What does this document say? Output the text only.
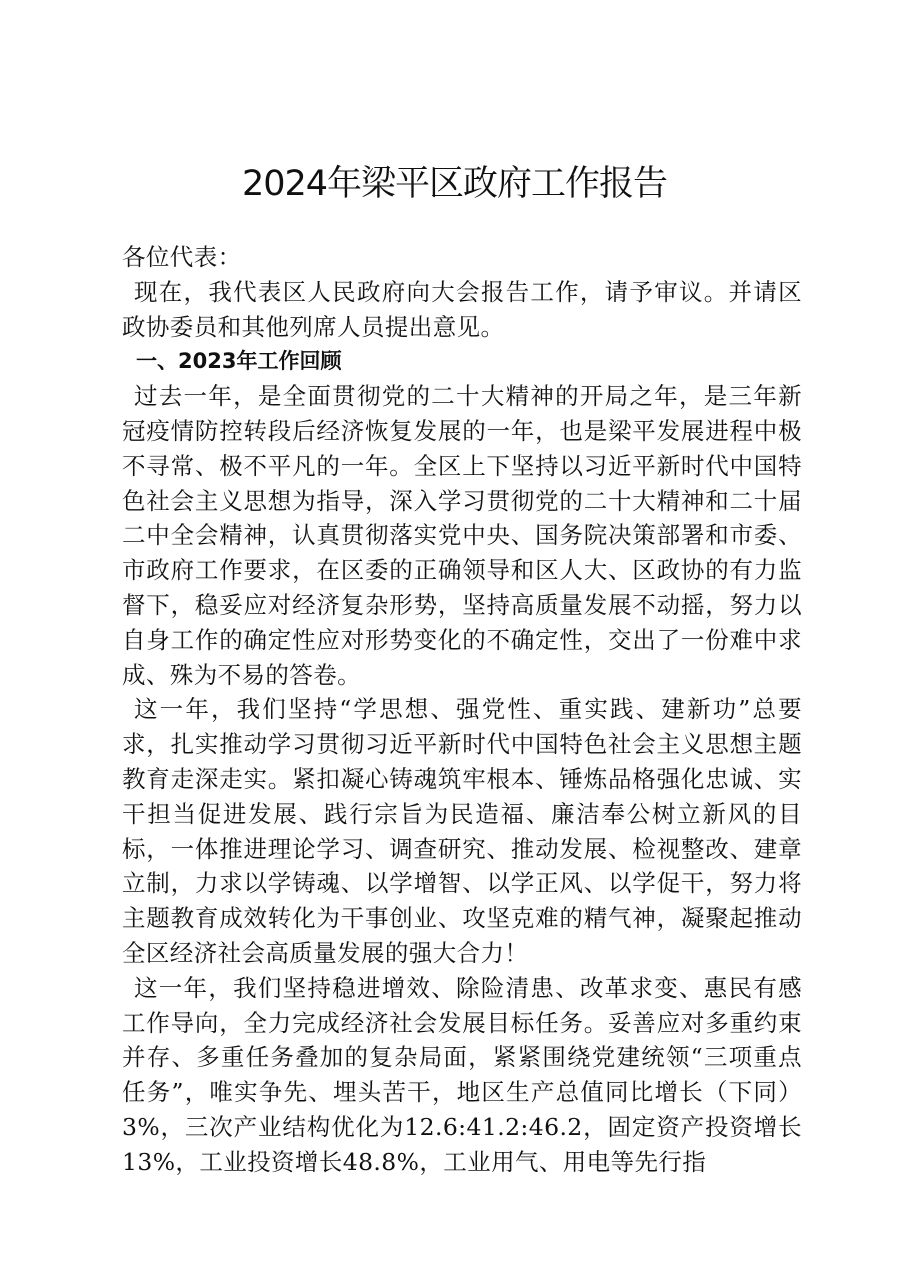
2024年梁平区政府工作报告

各位代表：

现在，我代表区人民政府向大会报告工作，请予审议。并请区政协委员和其他列席人员提出意见。

一、2023年工作回顾

过去一年，是全面贯彻党的二十大精神的开局之年，是三年新冠疫情防控转段后经济恢复发展的一年，也是梁平发展进程中极不寻常、极不平凡的一年。全区上下坚持以习近平新时代中国特色社会主义思想为指导，深入学习贯彻党的二十大精神和二十届二中全会精神，认真贯彻落实党中央、国务院决策部署和市委、市政府工作要求，在区委的正确领导和区人大、区政协的有力监督下，稳妥应对经济复杂形势，坚持高质量发展不动摇，努力以自身工作的确定性应对形势变化的不确定性，交出了一份难中求成、殊为不易的答卷。

这一年，我们坚持“学思想、强党性、重实践、建新功”总要求，扎实推动学习贯彻习近平新时代中国特色社会主义思想主题教育走深走实。紧扣凝心铸魂筑牢根本、锤炼品格强化忠诚、实干担当促进发展、践行宗旨为民造福、廉洁奉公树立新风的目标，一体推进理论学习、调查研究、推动发展、检视整改、建章立制，力求以学铸魂、以学增智、以学正风、以学促干，努力将主题教育成效转化为干事创业、攻坚克难的精气神，凝聚起推动全区经济社会高质量发展的强大合力！

这一年，我们坚持稳进增效、除险清患、改革求变、惠民有感工作导向，全力完成经济社会发展目标任务。妥善应对多重约束并存、多重任务叠加的复杂局面，紧紧围绕党建统领“三项重点任务”，唯实争先、埋头苦干，地区生产总值同比增长（下同）3%，三次产业结构优化为12.6:41.2:46.2，固定资产投资增长13%，工业投资增长48.8%，工业用气、用电等先行指
